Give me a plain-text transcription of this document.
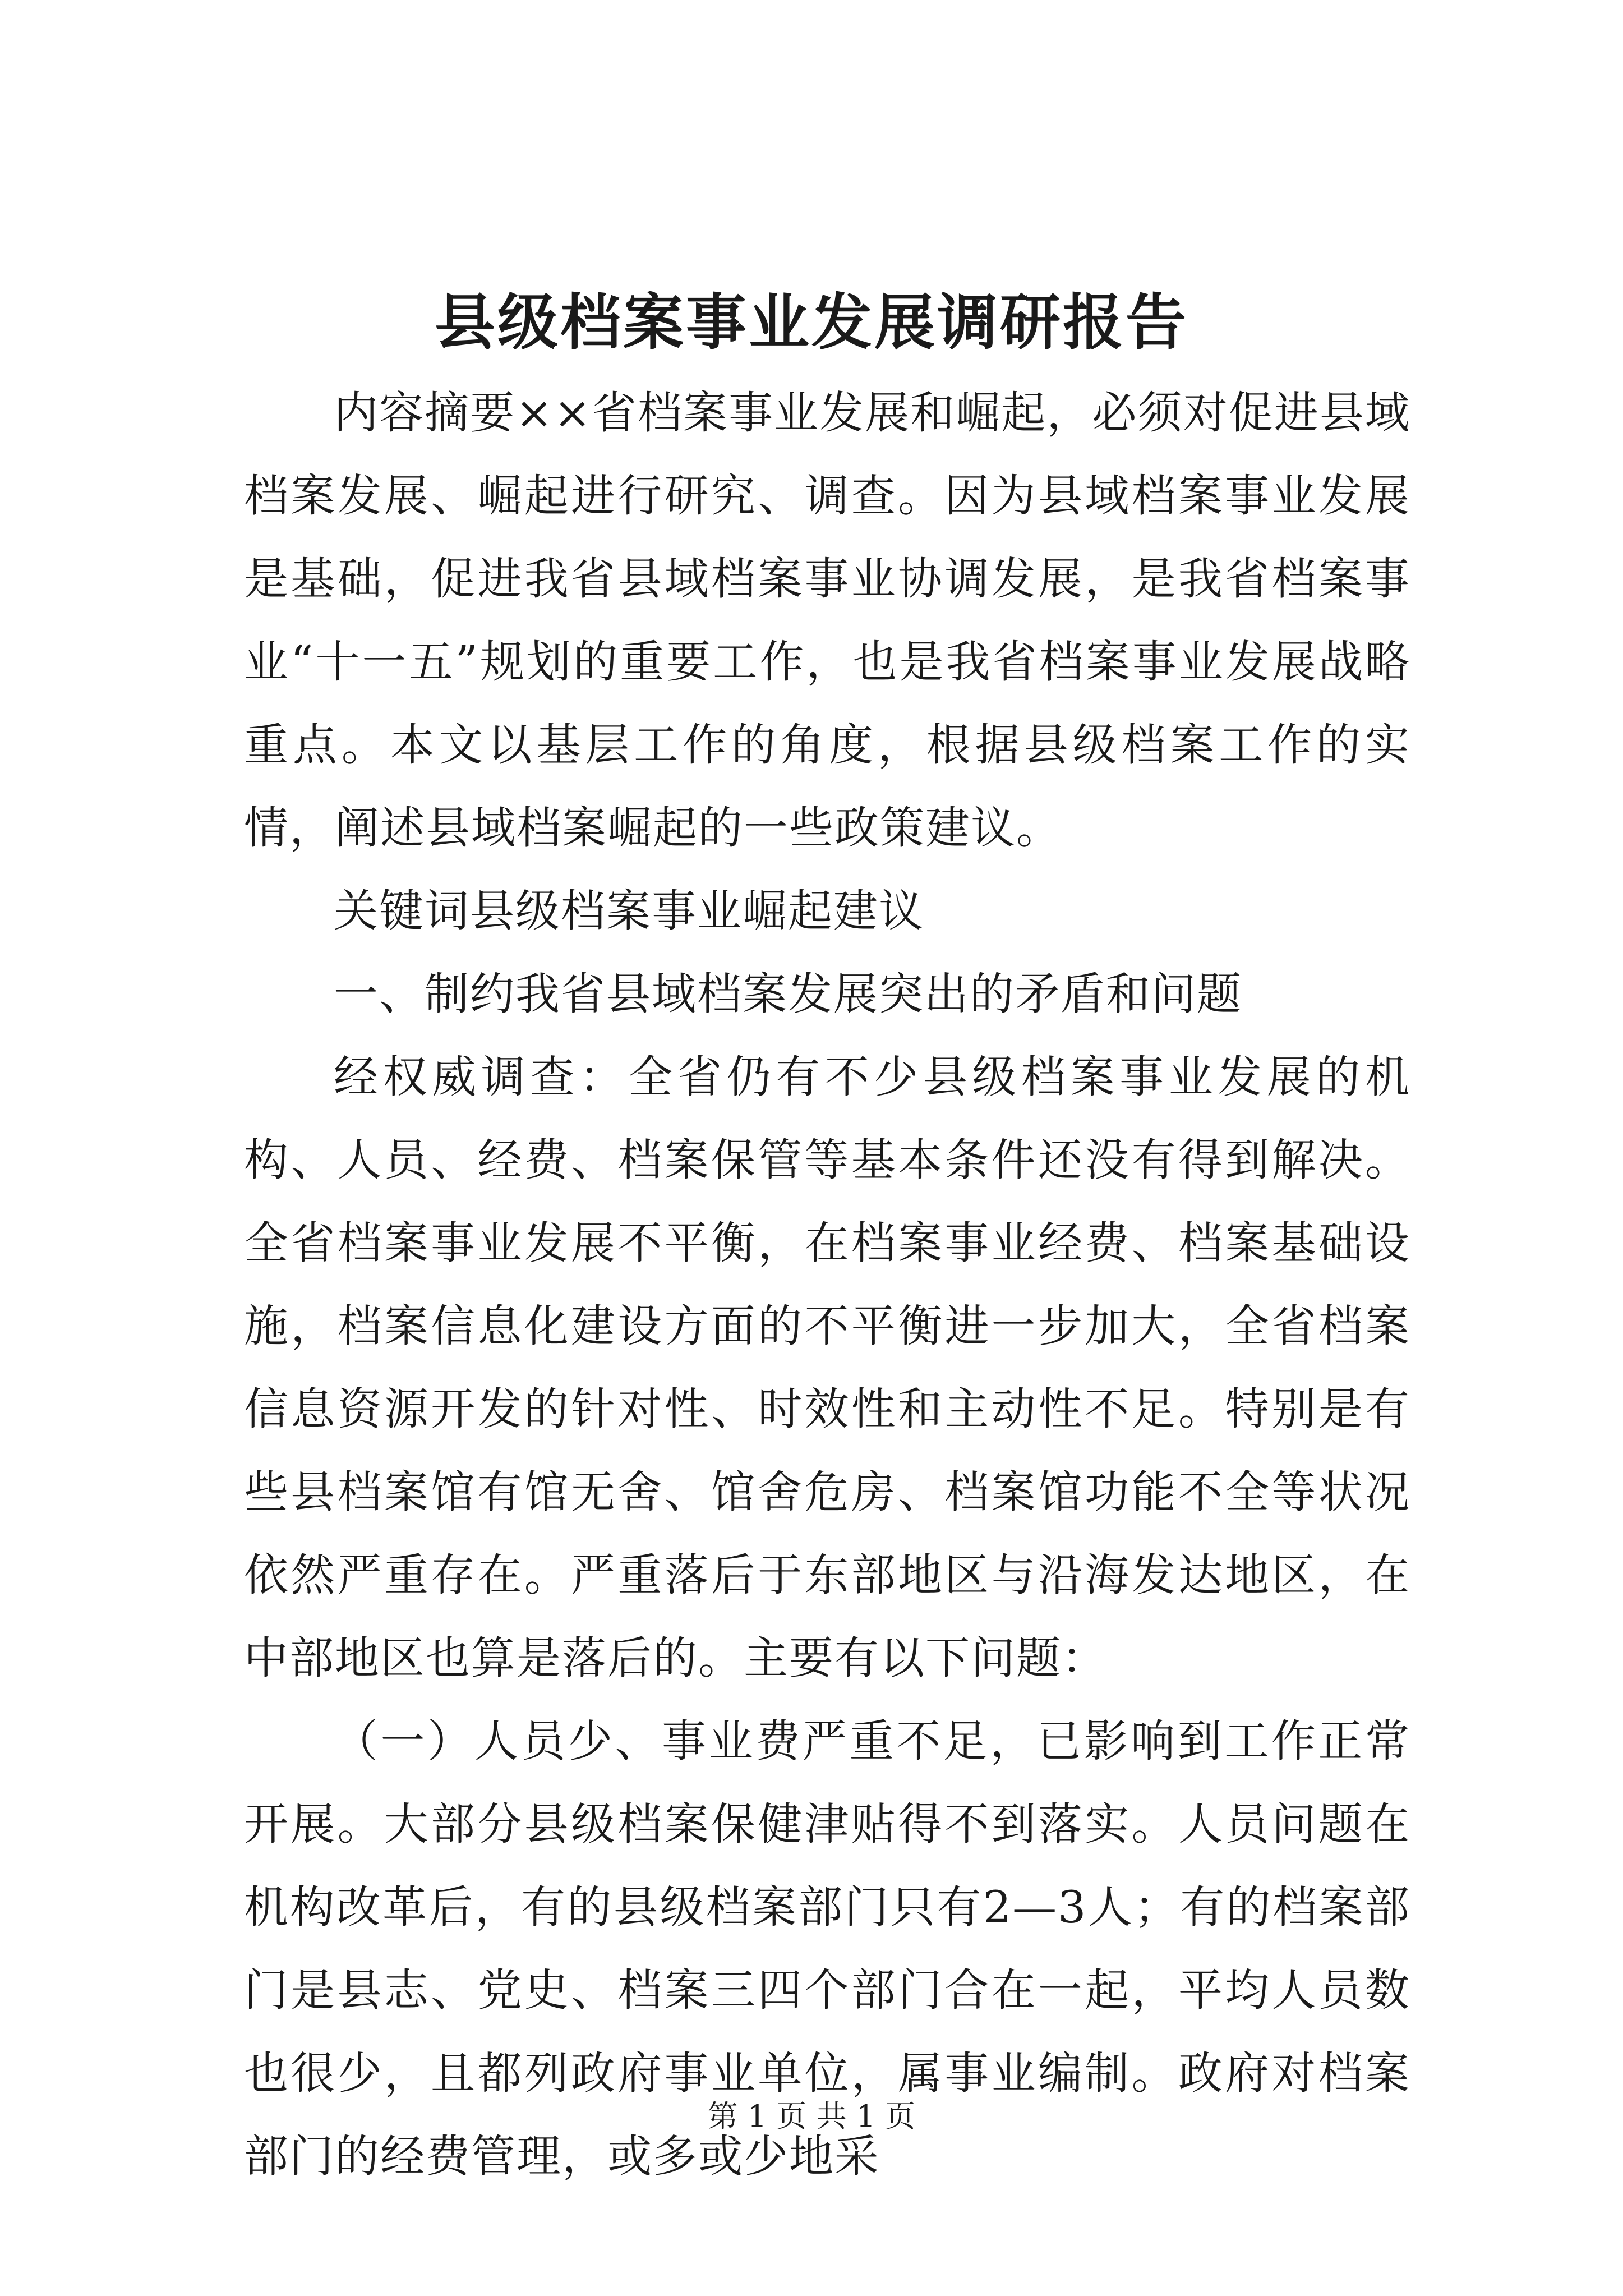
县级档案事业发展调研报告

内容摘要××省档案事业发展和崛起，必须对促进县域档案发展、崛起进行研究、调查。因为县域档案事业发展是基础，促进我省县域档案事业协调发展，是我省档案事业“十一五”规划的重要工作，也是我省档案事业发展战略重点。本文以基层工作的角度，根据县级档案工作的实情，阐述县域档案崛起的一些政策建议。

关键词县级档案事业崛起建议

一、制约我省县域档案发展突出的矛盾和问题

经权威调查：全省仍有不少县级档案事业发展的机构、人员、经费、档案保管等基本条件还没有得到解决。全省档案事业发展不平衡，在档案事业经费、档案基础设施，档案信息化建设方面的不平衡进一步加大，全省档案信息资源开发的针对性、时效性和主动性不足。特别是有些县档案馆有馆无舍、馆舍危房、档案馆功能不全等状况依然严重存在。严重落后于东部地区与沿海发达地区，在中部地区也算是落后的。主要有以下问题：

（一）人员少、事业费严重不足，已影响到工作正常开展。大部分县级档案保健津贴得不到落实。人员问题在机构改革后，有的县级档案部门只有2—3人；有的档案部门是县志、党史、档案三四个部门合在一起，平均人员数也很少，且都列政府事业单位，属事业编制。政府对档案部门的经费管理，或多或少地采

第 1 页 共 1 页
